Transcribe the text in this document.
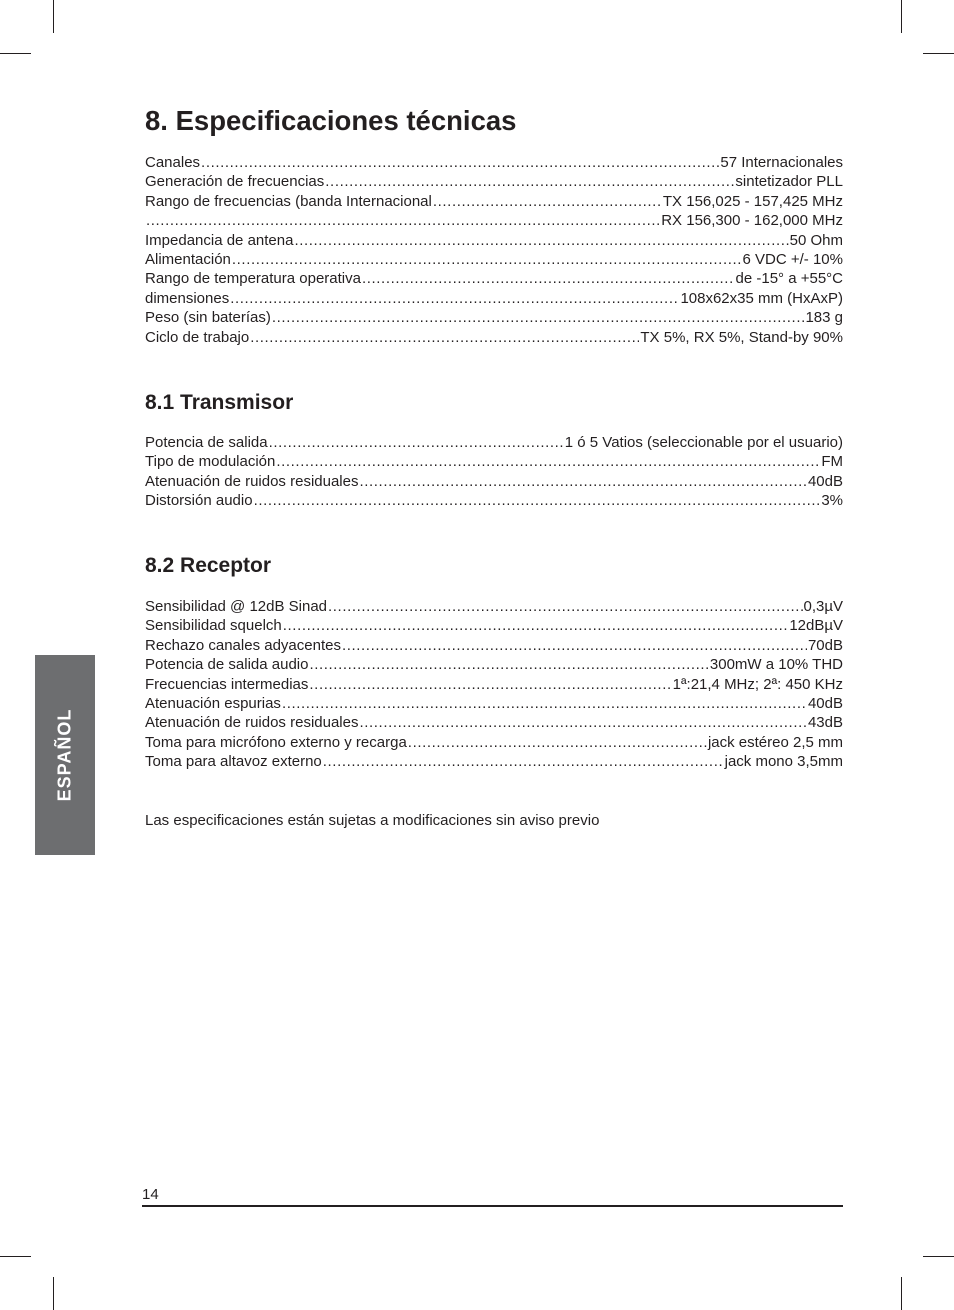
ESPAÑOL
8. Especificaciones técnicas
Canales .....	57 Internacionales
Generación de frecuencias .....	sintetizador PLL
Rango de frecuencias (banda Internacional .....	TX 156,025 - 157,425 MHz
.....
RX 156,300 - 162,000 MHz
Impedancia de antena .....	50 Ohm
Alimentación .....	6 VDC +/- 10%
Rango de temperatura operativa .....	de -15° a +55°C
dimensiones .....	108x62x35 mm (HxAxP)
Peso (sin baterías) .....	183 g
Ciclo de trabajo .....	TX 5%, RX 5%, Stand-by 90%
8.1 Transmisor
Potencia de salida .....	1 ó 5 Vatios (seleccionable por el usuario)
Tipo de modulación .....	FM
Atenuación de ruidos residuales .....	40dB
Distorsión audio .....	3%
8.2 Receptor
Sensibilidad @ 12dB Sinad .....	0,3µV
Sensibilidad squelch .....	12dBµV
Rechazo canales adyacentes .....	70dB
Potencia de salida audio .....	300mW a 10% THD
Frecuencias intermedias .....	1ª:21,4 MHz; 2ª: 450 KHz
Atenuación espurias .....	40dB
Atenuación de ruidos residuales .....	43dB
Toma para micrófono externo y recarga .....	jack estéreo 2,5 mm
Toma para altavoz externo .....	jack mono 3,5mm

Las especificaciones están sujetas a modificaciones sin aviso previo

14
